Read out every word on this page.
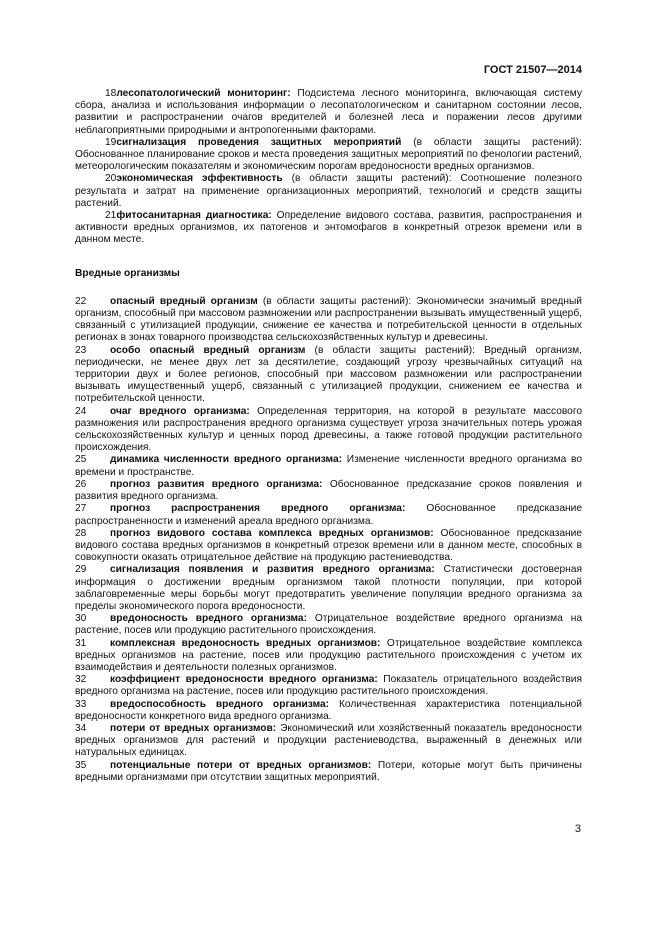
ГОСТ 21507—2014
18лесопатологический мониторинг: Подсистема лесного мониторинга, включающая систему сбора, анализа и использования информации о лесопатологическом и санитарном состоянии лесов, развитии и распространении очагов вредителей и болезней леса и поражении лесов другими неблагоприятными природными и антропогенными факторами.
19сигнализация проведения защитных мероприятий (в области защиты растений): Обоснованное планирование сроков и места проведения защитных мероприятий по фенологии растений, метеорологическим показателям и экономическим порогам вредоносности вредных организмов.
20экономическая эффективность (в области защиты растений): Соотношение полезного результата и затрат на применение организационных мероприятий, технологий и средств защиты растений.
21фитосанитарная диагностика: Определение видового состава, развития, распространения и активности вредных организмов, их патогенов и энтомофагов в конкретный отрезок времени или в данном месте.
Вредные организмы
22 опасный вредный организм (в области защиты растений): Экономически значимый вредный организм, способный при массовом размножении или распространении вызывать имущественный ущерб, связанный с утилизацией продукции, снижение ее качества и потребительской ценности в отдельных регионах в зонах товарного производства сельскохозяйственных культур и древесины.
23 особо опасный вредный организм (в области защиты растений): Вредный организм, периодически, не менее двух лет за десятилетие, создающий угрозу чрезвычайных ситуаций на территории двух и более регионов, способный при массовом размножении или распространении вызывать имущественный ущерб, связанный с утилизацией продукции, снижением ее качества и потребительской ценности.
24 очаг вредного организма: Определенная территория, на которой в результате массового размножения или распространения вредного организма существует угроза значительных потерь урожая сельскохозяйственных культур и ценных пород древесины, а также готовой продукции растительного происхождения.
25 динамика численности вредного организма: Изменение численности вредного организма во времени и пространстве.
26 прогноз развития вредного организма: Обоснованное предсказание сроков появления и развития вредного организма.
27 прогноз распространения вредного организма: Обоснованное предсказание распространенности и изменений ареала вредного организма.
28 прогноз видового состава комплекса вредных организмов: Обоснованное предсказание видового состава вредных организмов в конкретный отрезок времени или в данном месте, способных в совокупности оказать отрицательное действие на продукцию растениеводства.
29 сигнализация появления и развития вредного организма: Статистически достоверная информация о достижении вредным организмом такой плотности популяции, при которой заблаговременные меры борьбы могут предотвратить увеличение популяции вредного организма за пределы экономического порога вредоносности.
30 вредоносность вредного организма: Отрицательное воздействие вредного организма на растение, посев или продукцию растительного происхождения.
31 комплексная вредоносность вредных организмов: Отрицательное воздействие комплекса вредных организмов на растение, посев или продукцию растительного происхождения с учетом их взаимодействия и деятельности полезных организмов.
32 коэффициент вредоносности вредного организма: Показатель отрицательного воздействия вредного организма на растение, посев или продукцию растительного происхождения.
33 вредоспособность вредного организма: Количественная характеристика потенциальной вредоносности конкретного вида вредного организма.
34 потери от вредных организмов: Экономический или хозяйственный показатель вредоносности вредных организмов для растений и продукции растениеводства, выраженный в денежных или натуральных единицах.
35 потенциальные потери от вредных организмов: Потери, которые могут быть причинены вредными организмами при отсутствии защитных мероприятий.
3
